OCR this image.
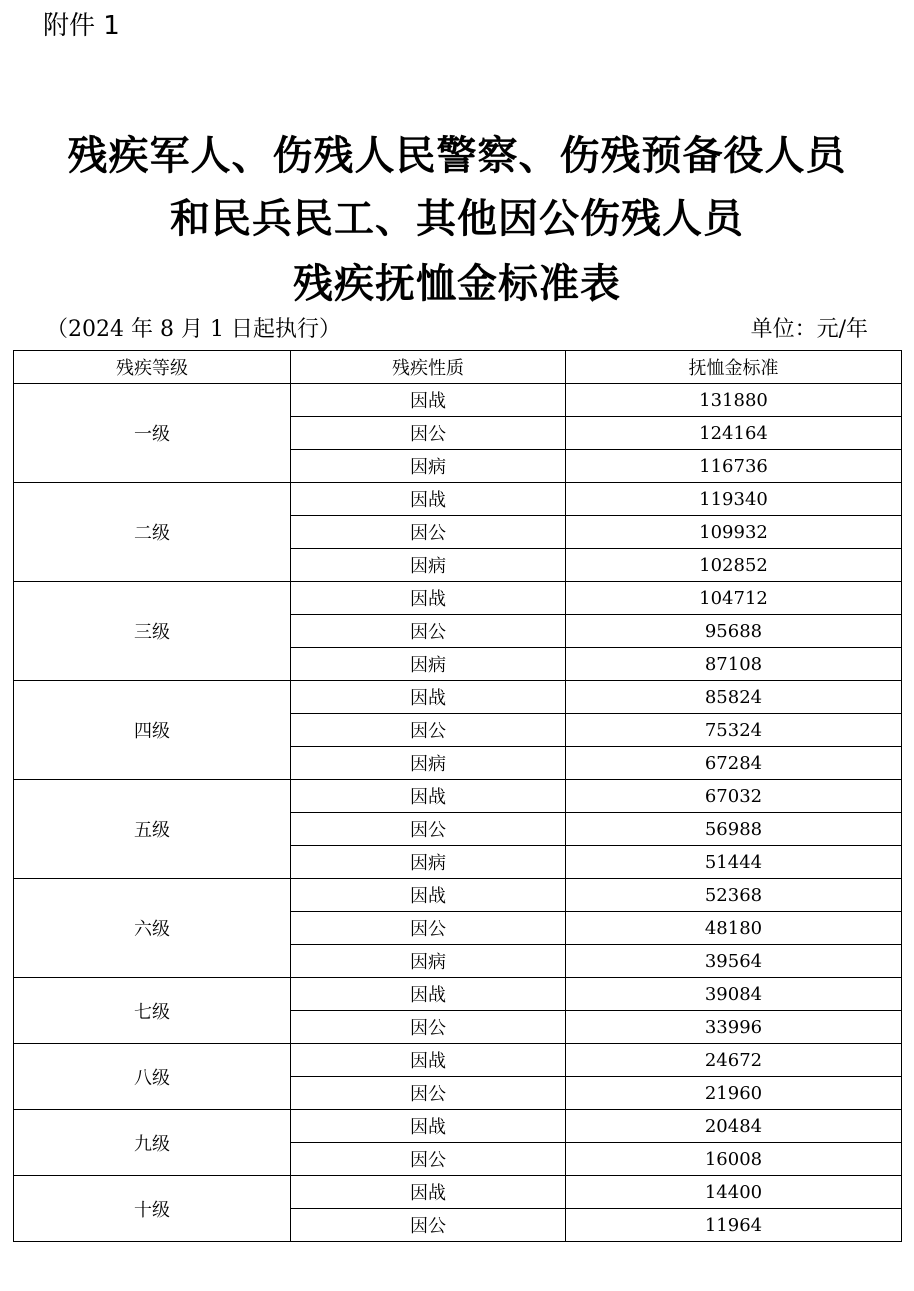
附件 1
残疾军人、伤残人民警察、伤残预备役人员
和民兵民工、其他因公伤残人员
残疾抚恤金标准表
（2024 年 8 月 1 日起执行）	单位：元/年
残疾等级	残疾性质	抚恤金标准
一级	因战	131880
	因公	124164
	因病	116736
二级	因战	119340
	因公	109932
	因病	102852
三级	因战	104712
	因公	95688
	因病	87108
四级	因战	85824
	因公	75324
	因病	67284
五级	因战	67032
	因公	56988
	因病	51444
六级	因战	52368
	因公	48180
	因病	39564
七级	因战	39084
	因公	33996
八级	因战	24672
	因公	21960
九级	因战	20484
	因公	16008
十级	因战	14400
	因公	11964
